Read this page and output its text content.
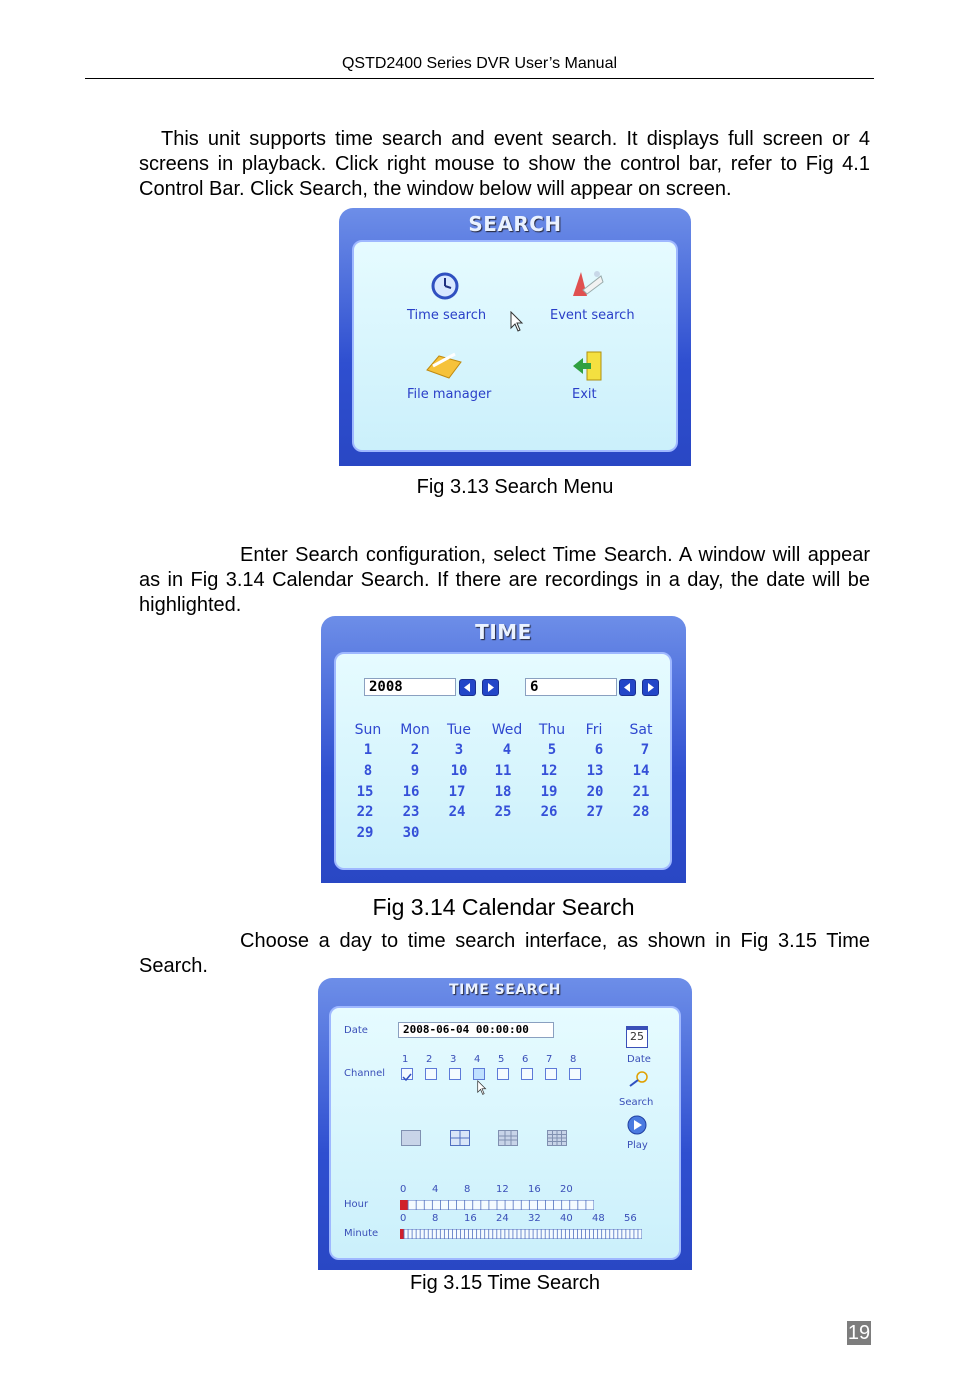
QSTD2400 Series DVR User’s Manual
This unit supports time search and event search. It displays full screen or 4 screens in playback. Click right mouse to show the control bar, refer to Fig 4.1 Control Bar. Click Search, the window below will appear on screen.
SEARCH
Time search	Event search
File manager	Exit
Fig 3.13 Search Menu
Enter Search configuration, select Time Search. A window will appear as in Fig 3.14 Calendar Search. If there are recordings in a day, the date will be highlighted.
TIME
2008	6
Sun	Mon	Tue	Wed	Thu	Fri	Sat
1	2	3	4	5	6	7
8	9	10	11	12	13	14
15	16	17	18	19	20	21
22	23	24	25	26	27	28
29	30
Fig 3.14 Calendar Search
Choose a day to time search interface, as shown in Fig 3.15 Time Search.
TIME SEARCH
Date	2008-06-04 00:00:00
Channel
1 2 3 4 5 6 7 8
25
Date
Search
Play
Hour
0	4	8	12 16 20
Minute
0	8	16 24 32 40 48 56
Fig 3.15 Time Search
19
